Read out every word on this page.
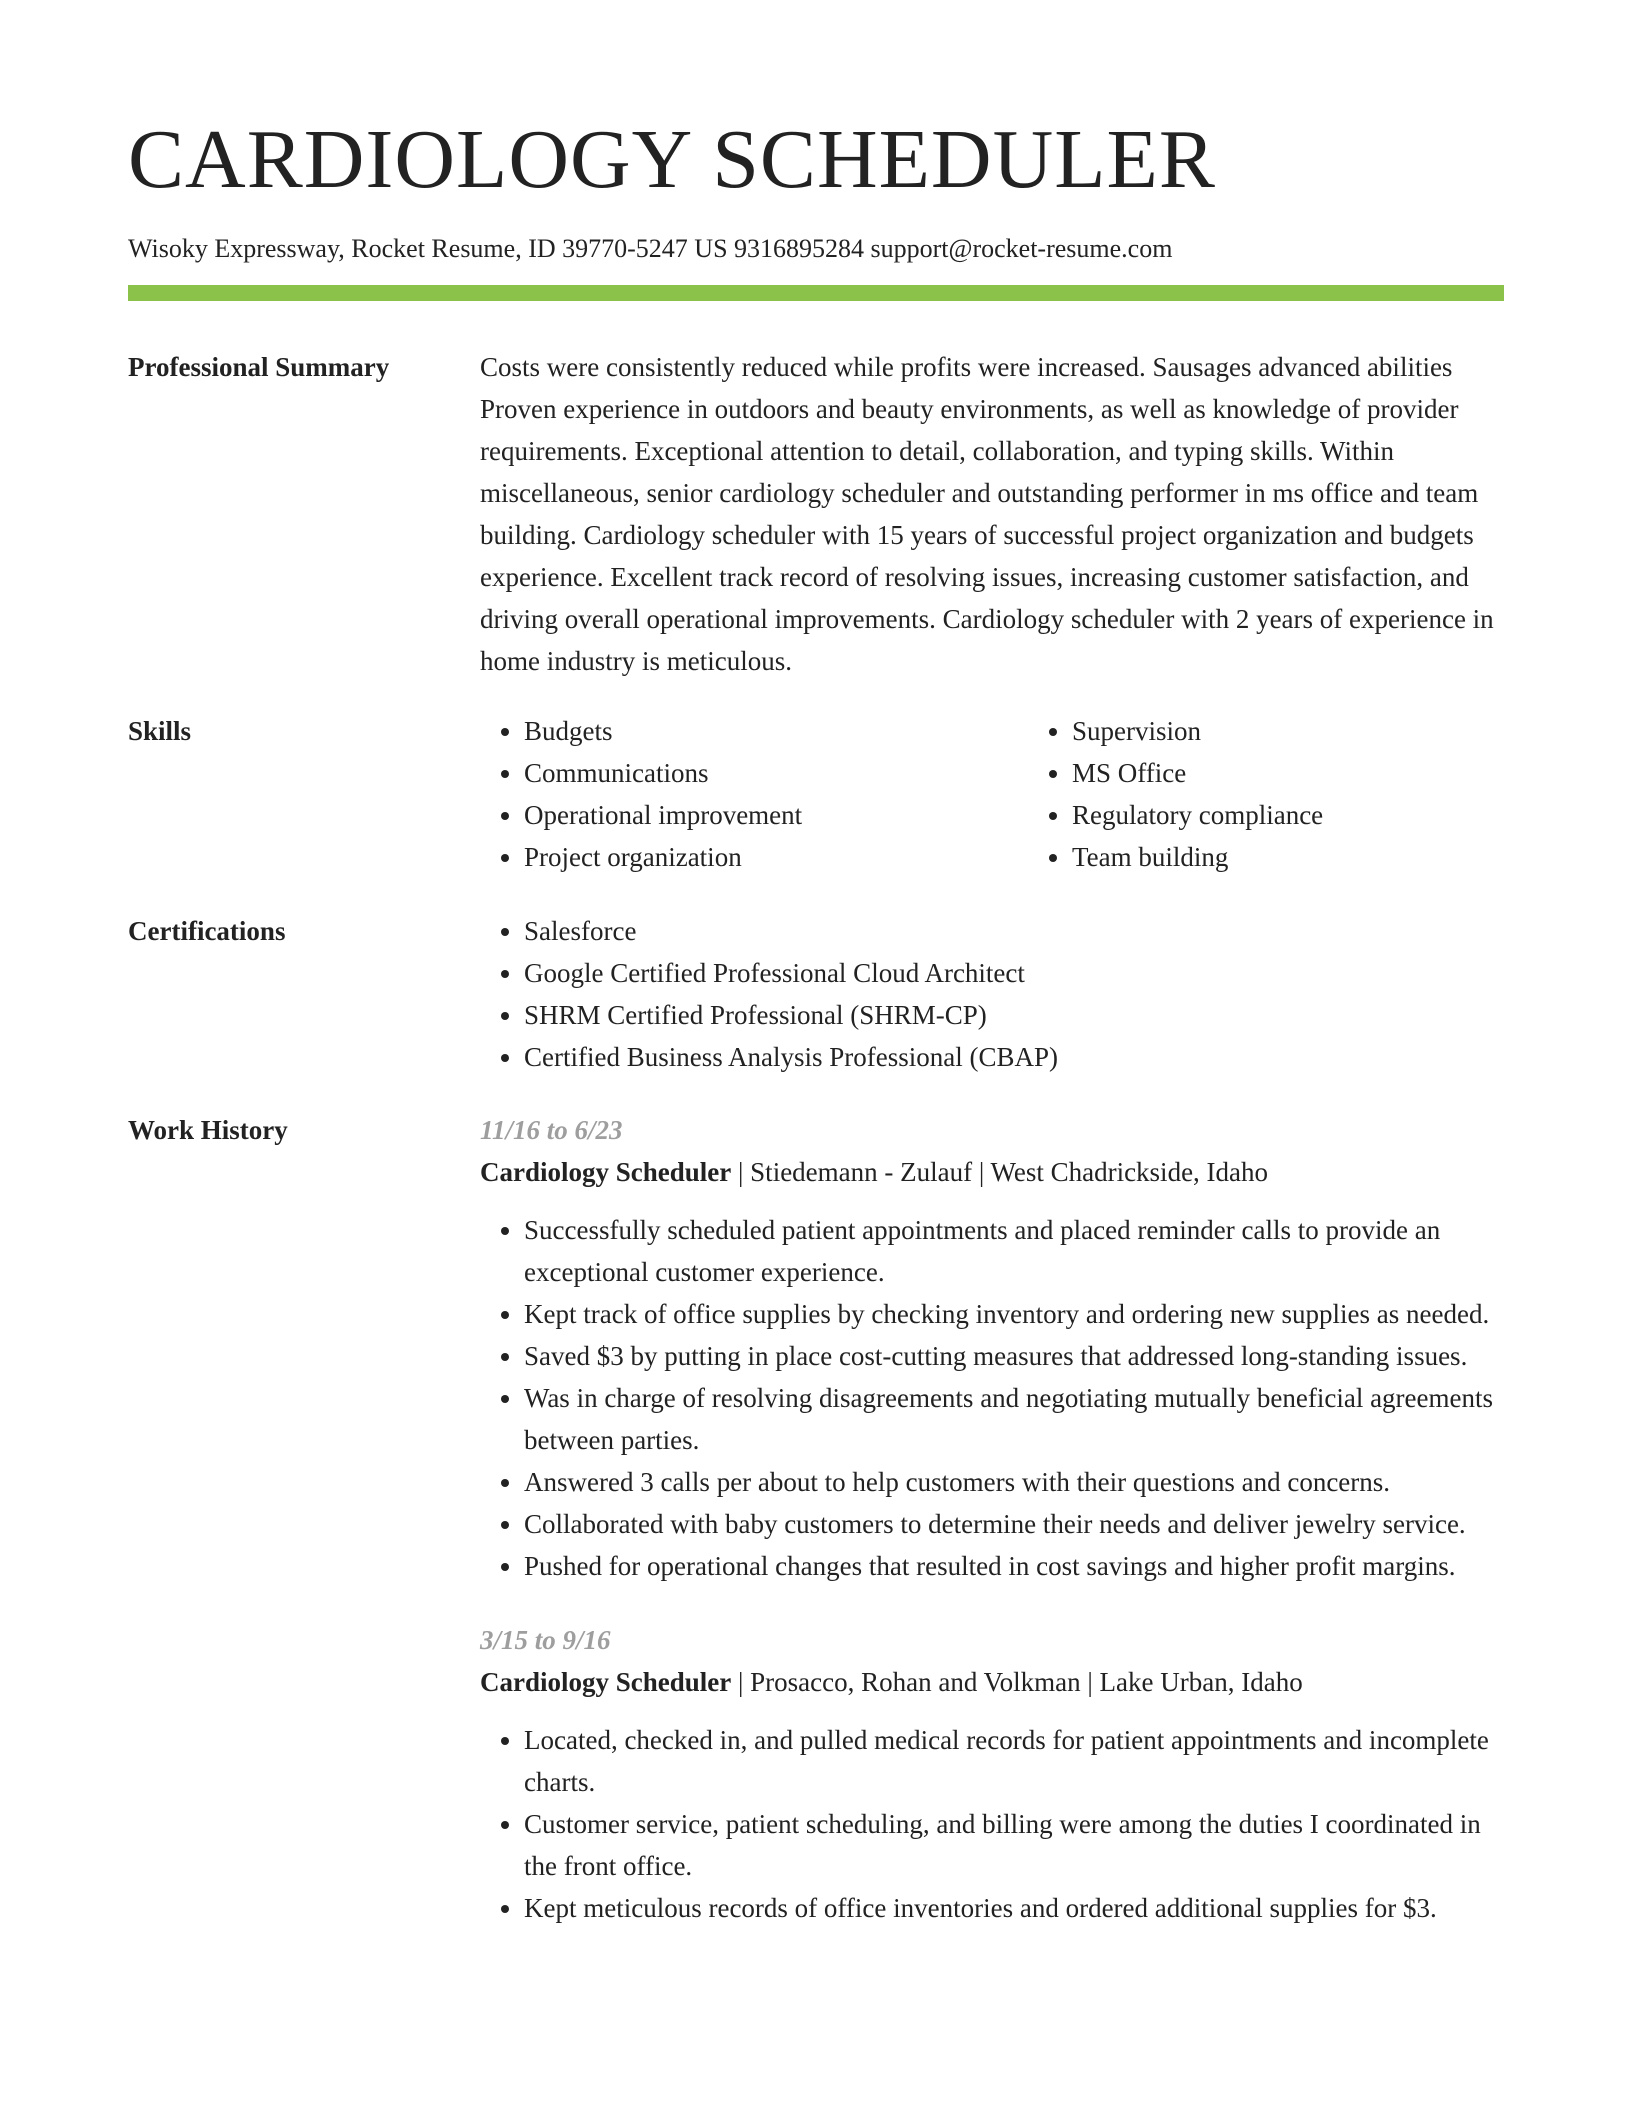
CARDIOLOGY SCHEDULER
Wisoky Expressway, Rocket Resume, ID 39770-5247 US 9316895284 support@rocket-resume.com
Professional Summary	Costs were consistently reduced while profits were increased. Sausages advanced abilities Proven experience in outdoors and beauty environments, as well as knowledge of provider requirements. Exceptional attention to detail, collaboration, and typing skills. Within miscellaneous, senior cardiology scheduler and outstanding performer in ms office and team building. Cardiology scheduler with 15 years of successful project organization and budgets experience. Excellent track record of resolving issues, increasing customer satisfaction, and driving overall operational improvements. Cardiology scheduler with 2 years of experience in home industry is meticulous.

Skills	• Budgets
• Communications
• Operational improvement
• Project organization
• Supervision
• MS Office
• Regulatory compliance
• Team building
Certifications	• Salesforce
• Google Certified Professional Cloud Architect
• SHRM Certified Professional (SHRM-CP)
• Certified Business Analysis Professional (CBAP)
Work History	11/16 to 6/23
Cardiology Scheduler | Stiedemann - Zulauf | West Chadrickside, Idaho
• Successfully scheduled patient appointments and placed reminder calls to provide an exceptional customer experience.
• Kept track of office supplies by checking inventory and ordering new supplies as needed.
• Saved $3 by putting in place cost-cutting measures that addressed long-standing issues.
• Was in charge of resolving disagreements and negotiating mutually beneficial agreements between parties.
• Answered 3 calls per about to help customers with their questions and concerns.
• Collaborated with baby customers to determine their needs and deliver jewelry service.
• Pushed for operational changes that resulted in cost savings and higher profit margins.
3/15 to 9/16
Cardiology Scheduler | Prosacco, Rohan and Volkman | Lake Urban, Idaho
• Located, checked in, and pulled medical records for patient appointments and incomplete charts.
• Customer service, patient scheduling, and billing were among the duties I coordinated in the front office.
• Kept meticulous records of office inventories and ordered additional supplies for $3.
